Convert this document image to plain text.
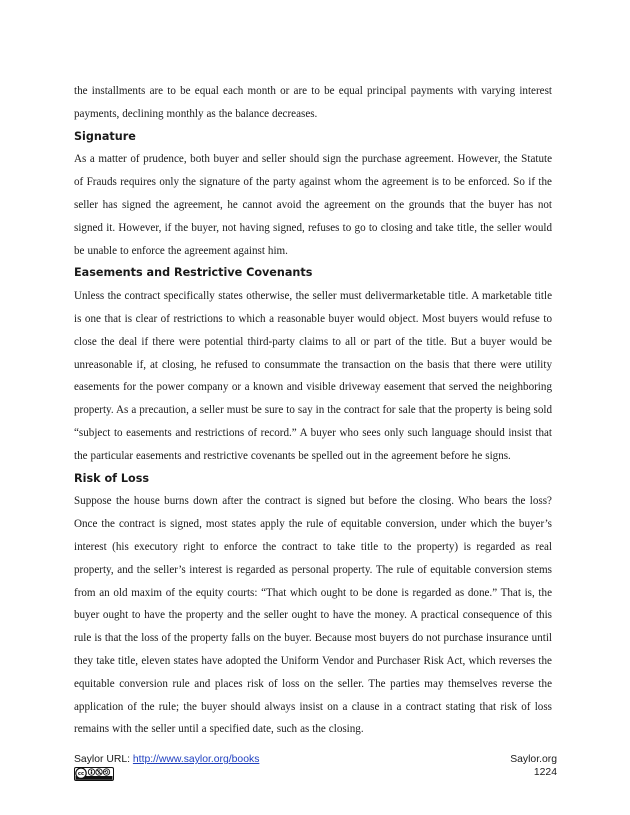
the installments are to be equal each month or are to be equal principal payments with varying interest payments, declining monthly as the balance decreases.

Signature

As a matter of prudence, both buyer and seller should sign the purchase agreement. However, the Statute of Frauds requires only the signature of the party against whom the agreement is to be enforced. So if the seller has signed the agreement, he cannot avoid the agreement on the grounds that the buyer has not signed it. However, if the buyer, not having signed, refuses to go to closing and take title, the seller would be unable to enforce the agreement against him.

Easements and Restrictive Covenants

Unless the contract specifically states otherwise, the seller must delivermarketable title. A marketable title is one that is clear of restrictions to which a reasonable buyer would object. Most buyers would refuse to close the deal if there were potential third-party claims to all or part of the title. But a buyer would be unreasonable if, at closing, he refused to consummate the transaction on the basis that there were utility easements for the power company or a known and visible driveway easement that served the neighboring property. As a precaution, a seller must be sure to say in the contract for sale that the property is being sold “subject to easements and restrictions of record.” A buyer who sees only such language should insist that the particular easements and restrictive covenants be spelled out in the agreement before he signs.

Risk of Loss

Suppose the house burns down after the contract is signed but before the closing. Who bears the loss? Once the contract is signed, most states apply the rule of equitable conversion, under which the buyer’s interest (his executory right to enforce the contract to take title to the property) is regarded as real property, and the seller’s interest is regarded as personal property. The rule of equitable conversion stems from an old maxim of the equity courts: “That which ought to be done is regarded as done.” That is, the buyer ought to have the property and the seller ought to have the money. A practical consequence of this rule is that the loss of the property falls on the buyer. Because most buyers do not purchase insurance until they take title, eleven states have adopted the Uniform Vendor and Purchaser Risk Act, which reverses the equitable conversion rule and places risk of loss on the seller. The parties may themselves reverse the application of the rule; the buyer should always insist on a clause in a contract stating that risk of loss remains with the seller until a specified date, such as the closing.

Saylor URL: http://www.saylor.org/books
cc
Saylor.org
1224
